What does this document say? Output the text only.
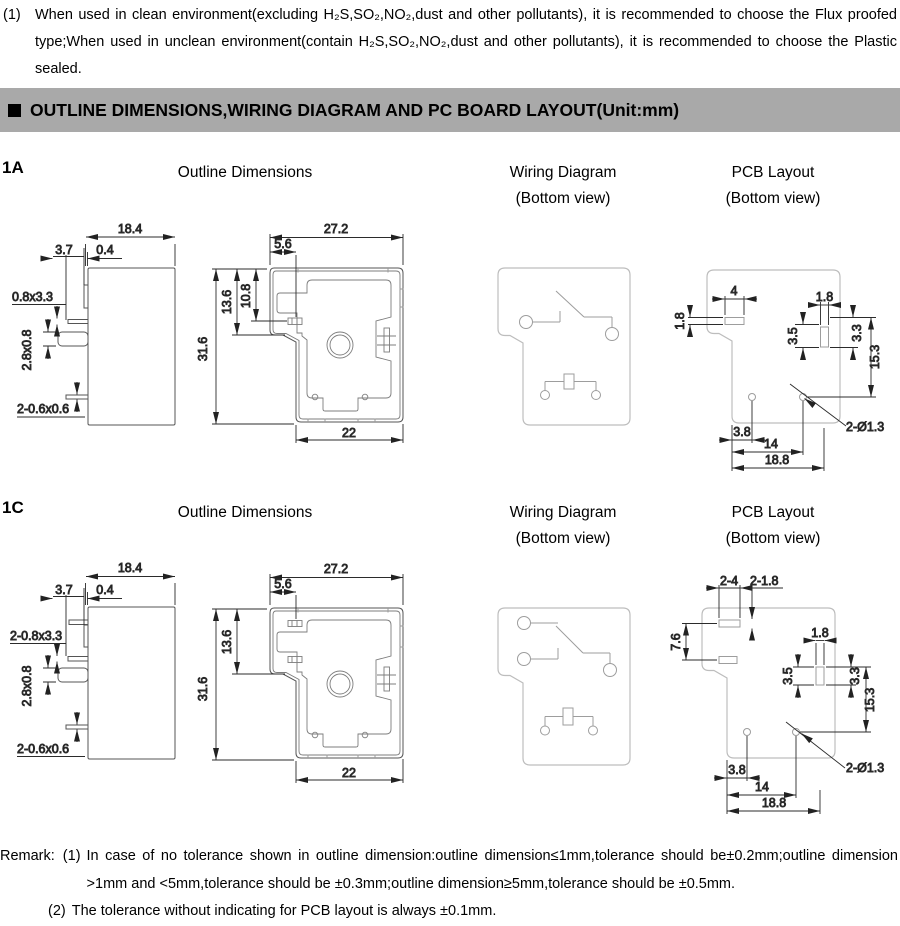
(1) When used in clean environment(excluding H₂S,SO₂,NO₂,dust and other pollutants), it is recommended to choose the Flux proofed type;When used in unclean environment(contain H₂S,SO₂,NO₂,dust and other pollutants), it is recommended to choose the Plastic sealed.
OUTLINE DIMENSIONS,WIRING DIAGRAM AND PC BOARD LAYOUT(Unit:mm)
1A	Outline Dimensions	Wiring Diagram
(Bottom view)
PCB Layout
(Bottom view)
1C	Outline Dimensions	Wiring Diagram
(Bottom view)
PCB Layout
(Bottom view)
18.4
3.7 0.4
0.8x3.3
2.8x0.8
2-0.6x0.6
27.2
5.6
13.6 10.8
31.6
22
4	1.8
1.8
3.5	3.3
15.3
3.8
14
18.8
2-Ø1.3
18.4
3.7 0.4
2-0.8x3.3
2.8x0.8
2-0.6x0.6
27.2
5.6
13.6
31.6
22
2-4 2-1.8
7.6
1.8
3.5	3.3
15.3
3.8
14
18.8
2-Ø1.3
Remark: (1) In case of no tolerance shown in outline dimension:outline dimension≤1mm,tolerance should be±0.2mm;outline dimension >1mm and <5mm,tolerance should be ±0.3mm;outline dimension≥5mm,tolerance should be ±0.5mm.
(2) The tolerance without indicating for PCB layout is always ±0.1mm.
